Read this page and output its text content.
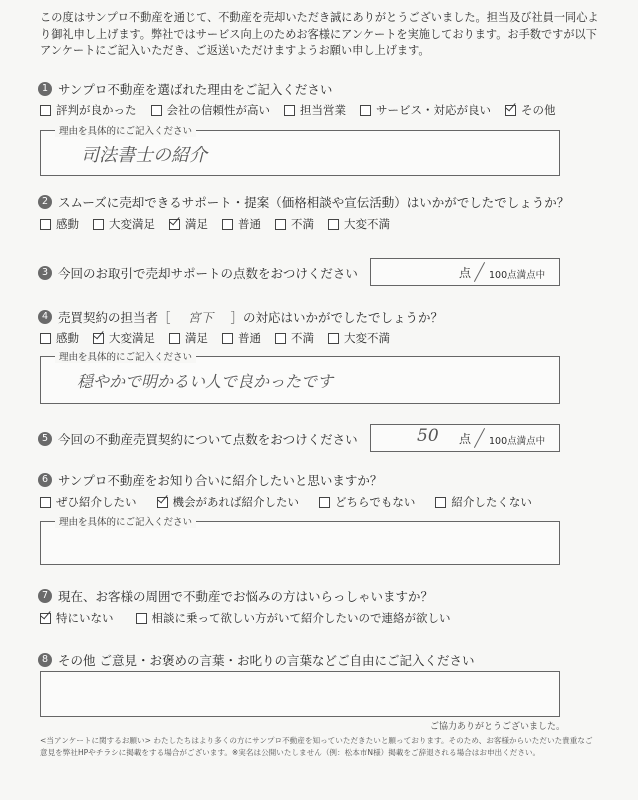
この度はサンプロ不動産を通じて、不動産を売却いただき誠にありがとうございました。担当及び社員一同心より御礼申し上げます。弊社ではサービス向上のためお客様にアンケートを実施しております。お手数ですが以下アンケートにご記入いただき、ご返送いただけますようお願い申し上げます。
1 サンプロ不動産を選ばれた理由をご記入ください
評判が良かった	会社の信頼性が高い	担当営業	サービス・対応が良い	その他
理由を具体的にご記入ください
司法書士の紹介
2 スムーズに売却できるサポート・提案（価格相談や宣伝活動）はいかがでしたでしょうか？
感動	大変満足	満足	普通	不満	大変不満
3 今回のお取引で売却サポートの点数をおつけください	点 100点満点中
4 売買契約の担当者［	宮下	］の対応はいかがでしたでしょうか？
感動	大変満足	満足	普通	不満	大変不満
理由を具体的にご記入ください
穏やかで明かるい人で良かったです
5 今回の不動産売買契約について点数をおつけください	50 点 100点満点中
6 サンプロ不動産をお知り合いに紹介したいと思いますか？
ぜひ紹介したい	機会があれば紹介したい	どちらでもない	紹介したくない
理由を具体的にご記入ください
7 現在、お客様の周囲で不動産でお悩みの方はいらっしゃいますか？
特にいない	相談に乗って欲しい方がいて紹介したいので連絡が欲しい
8 その他 ご意見・お褒めの言葉・お叱りの言葉などご自由にご記入ください
ご協力ありがとうございました。
<当アンケートに関するお願い> わたしたちはより多くの方にサンプロ不動産を知っていただきたいと願っております。そのため、お客様からいただいた貴重なご意見を弊社HPやチラシに掲載をする場合がございます。※実名は公開いたしません（例：松本市N様）掲載をご辞退される場合はお申出ください。
